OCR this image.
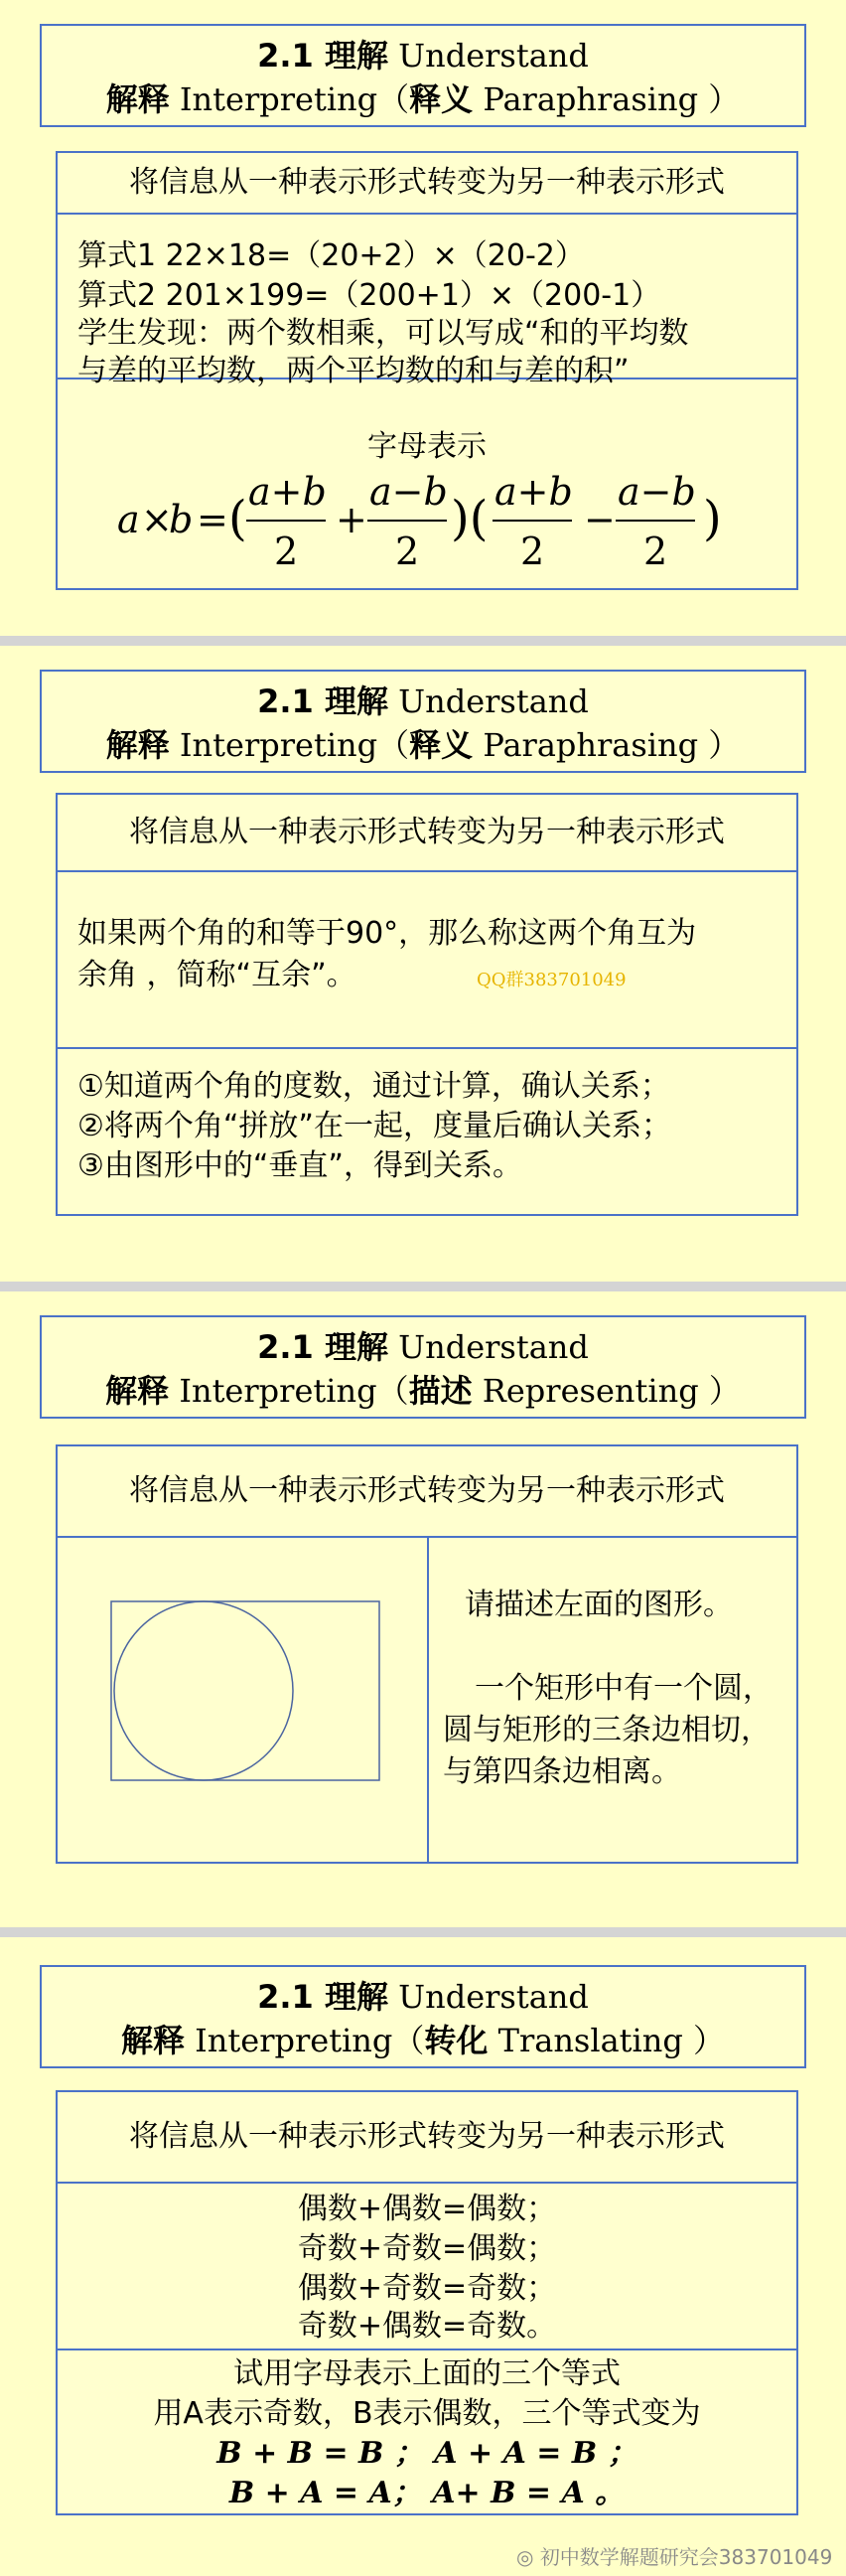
2.1 理解 Understand
解释 Interpreting（释义 Paraphrasing ）
将信息从一种表示形式转变为另一种表示形式
算式1 22×18=（20+2）×（20-2）
算式2 201×199=（200+1）×（200-1）
学生发现：两个数相乘，可以写成“和的平均数
与差的平均数，两个平均数的和与差的积”
字母表示
a ×
b = ( a+b
2
+
a−b
2
)( a+b
2
−
a−b
2
)
2.1 理解 Understand
解释 Interpreting（释义 Paraphrasing ）
将信息从一种表示形式转变为另一种表示形式
如果两个角的和等于90°，那么称这两个角互为
余角 ，简称“互余”。	QQ群383701049
①知道两个角的度数，通过计算，确认关系；
②将两个角“拼放”在一起，度量后确认关系；
③由图形中的“垂直”，得到关系。
2.1 理解 Understand
解释 Interpreting（描述 Representing ）
将信息从一种表示形式转变为另一种表示形式
请描述左面的图形。
一个矩形中有一个圆，
圆与矩形的三条边相切，
与第四条边相离。
2.1 理解 Understand
解释 Interpreting（转化 Translating ）
将信息从一种表示形式转变为另一种表示形式
偶数+偶数=偶数；
奇数+奇数=偶数；
偶数+奇数=奇数；
奇数+偶数=奇数。
试用字母表示上面的三个等式
用A表示奇数，B表示偶数，三个等式变为
B + B = B ； A + A = B ；
B + A = A； A+ B = A 。
◎ 初中数学解题研究会383701049
